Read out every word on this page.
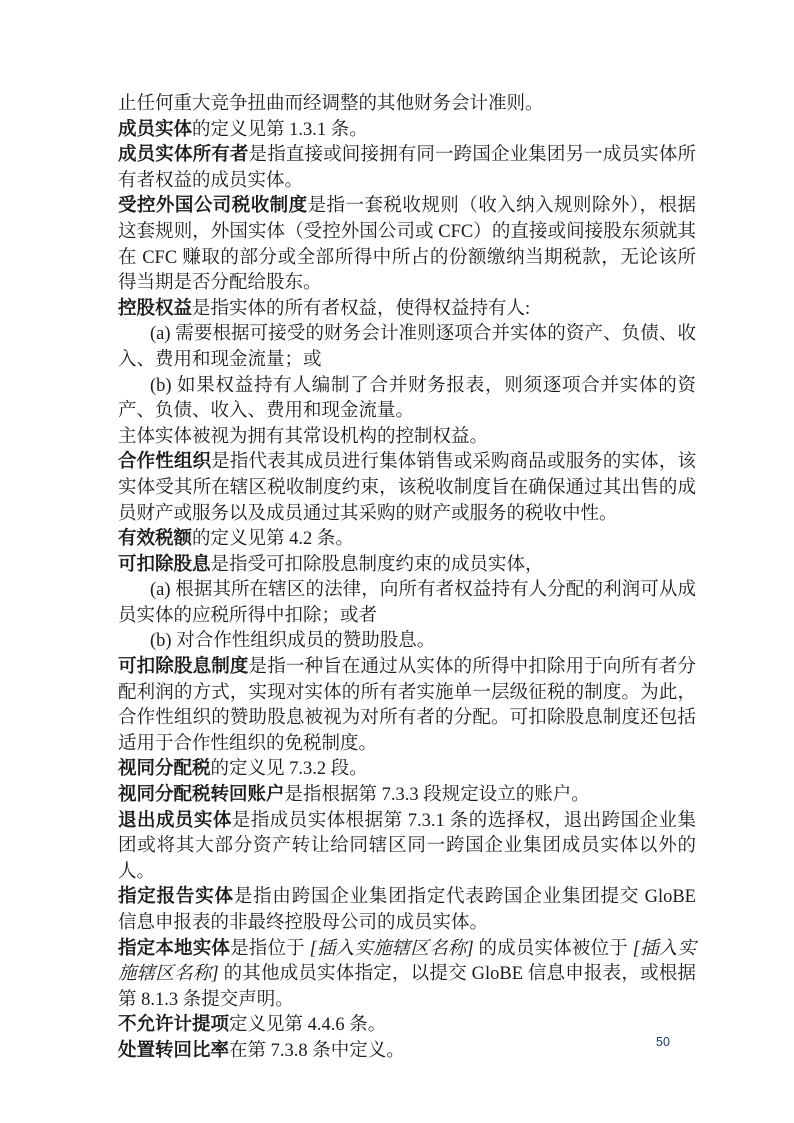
止任何重大竞争扭曲而经调整的其他财务会计准则。

成员实体的定义见第 1.3.1 条。

成员实体所有者是指直接或间接拥有同一跨国企业集团另一成员实体所有者权益的成员实体。

受控外国公司税收制度是指一套税收规则（收入纳入规则除外），根据这套规则，外国实体（受控外国公司或 CFC）的直接或间接股东须就其在 CFC 赚取的部分或全部所得中所占的份额缴纳当期税款，无论该所得当期是否分配给股东。

控股权益是指实体的所有者权益，使得权益持有人:

(a) 需要根据可接受的财务会计准则逐项合并实体的资产、负债、收入、费用和现金流量；或

(b) 如果权益持有人编制了合并财务报表，则须逐项合并实体的资产、负债、收入、费用和现金流量。

主体实体被视为拥有其常设机构的控制权益。

合作性组织是指代表其成员进行集体销售或采购商品或服务的实体，该实体受其所在辖区税收制度约束，该税收制度旨在确保通过其出售的成员财产或服务以及成员通过其采购的财产或服务的税收中性。

有效税额的定义见第 4.2 条。

可扣除股息是指受可扣除股息制度约束的成员实体，

(a) 根据其所在辖区的法律，向所有者权益持有人分配的利润可从成员实体的应税所得中扣除；或者

(b) 对合作性组织成员的赞助股息。

可扣除股息制度是指一种旨在通过从实体的所得中扣除用于向所有者分配利润的方式，实现对实体的所有者实施单一层级征税的制度。为此，合作性组织的赞助股息被视为对所有者的分配。可扣除股息制度还包括适用于合作性组织的免税制度。

视同分配税的定义见 7.3.2 段。

视同分配税转回账户是指根据第 7.3.3 段规定设立的账户。

退出成员实体是指成员实体根据第 7.3.1 条的选择权，退出跨国企业集团或将其大部分资产转让给同辖区同一跨国企业集团成员实体以外的人。

指定报告实体是指由跨国企业集团指定代表跨国企业集团提交 GloBE 信息申报表的非最终控股母公司的成员实体。

指定本地实体是指位于 [插入实施辖区名称] 的成员实体被位于 [插入实施辖区名称] 的其他成员实体指定，以提交 GloBE 信息申报表，或根据第 8.1.3 条提交声明。

不允许计提项定义见第 4.4.6 条。

处置转回比率在第 7.3.8 条中定义。	50
